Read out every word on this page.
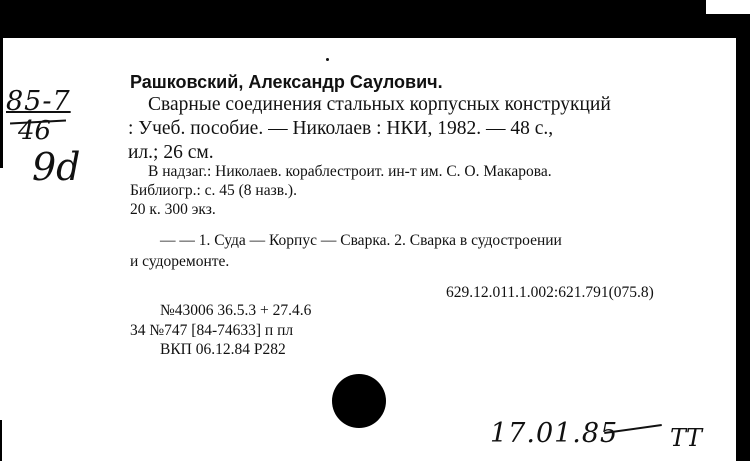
85-7
46
9d
Рашковский, Александр Саулович.
Сварные соединения стальных корпусных конструкций
: Учеб. пособие. — Николаев : НКИ, 1982. — 48 с.,
ил.; 26 см.
В надзаг.: Николаев. кораблестроит. ин-т им. С. О. Макарова.
Библиогр.: с. 45 (8 назв.).
20 к. 300 экз.
— — 1. Суда — Корпус — Сварка. 2. Сварка в судостроении
и судоремонте.
629.12.011.1.002:621.791(075.8)
№43006 36.5.3 + 27.4.6
34 №747 [84-74633] п пл
ВКП 06.12.84 Р282
17.01.85 ТТ
